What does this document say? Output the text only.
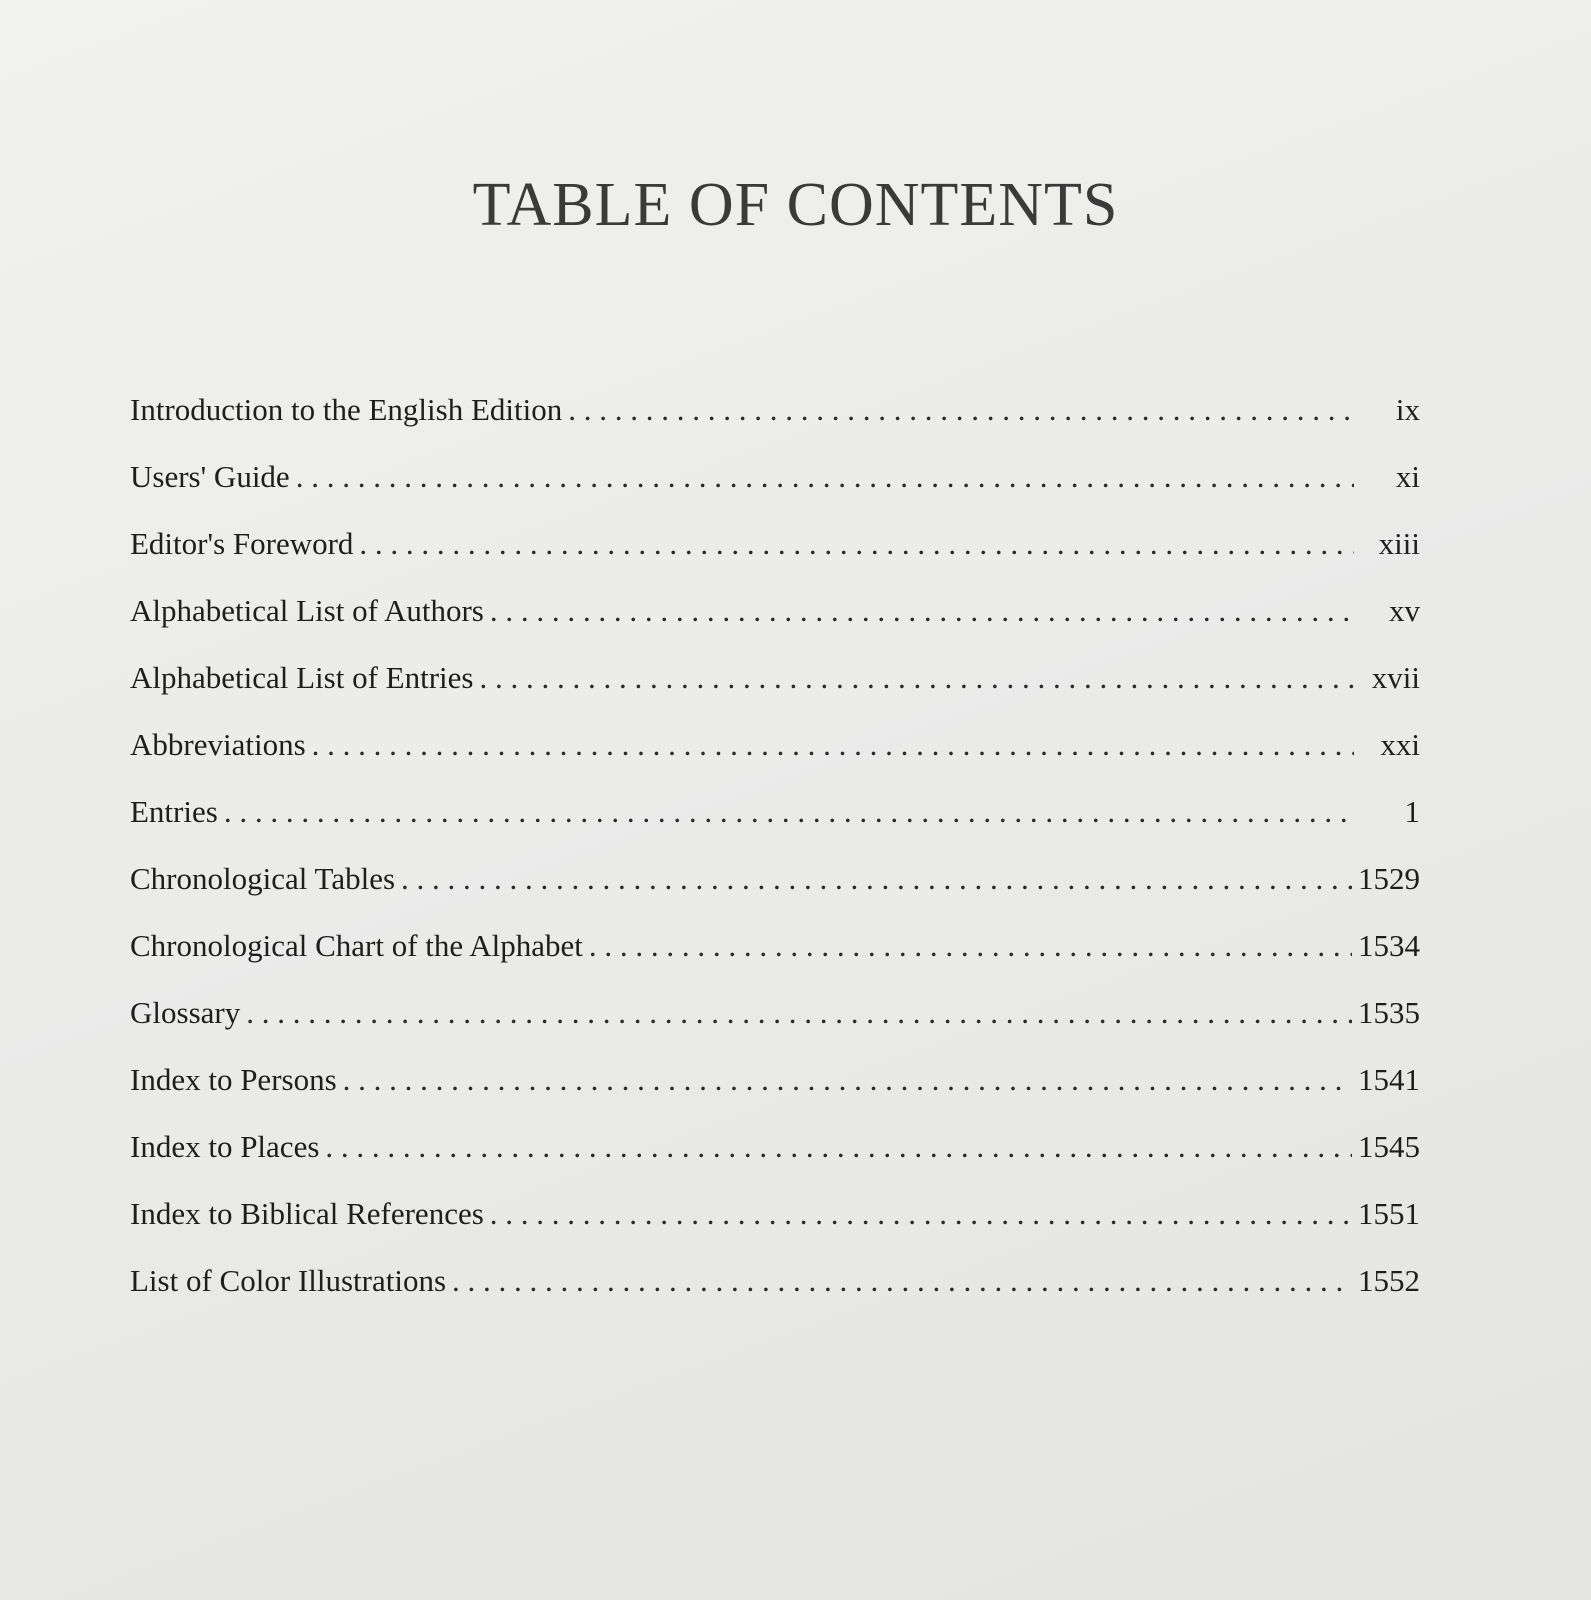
TABLE OF CONTENTS
Introduction to the English Edition . . .	ix
Users' Guide . . .	xi
Editor's Foreword . . .	xiii
Alphabetical List of Authors . . .	xv
Alphabetical List of Entries . . .	xvii
Abbreviations . . .	xxi
Entries . . .	1
Chronological Tables . . .	1529
Chronological Chart of the Alphabet . . .	1534
Glossary . . .	1535
Index to Persons . . .	1541
Index to Places . . .	1545
Index to Biblical References . . .	1551
List of Color Illustrations . . .	1552
